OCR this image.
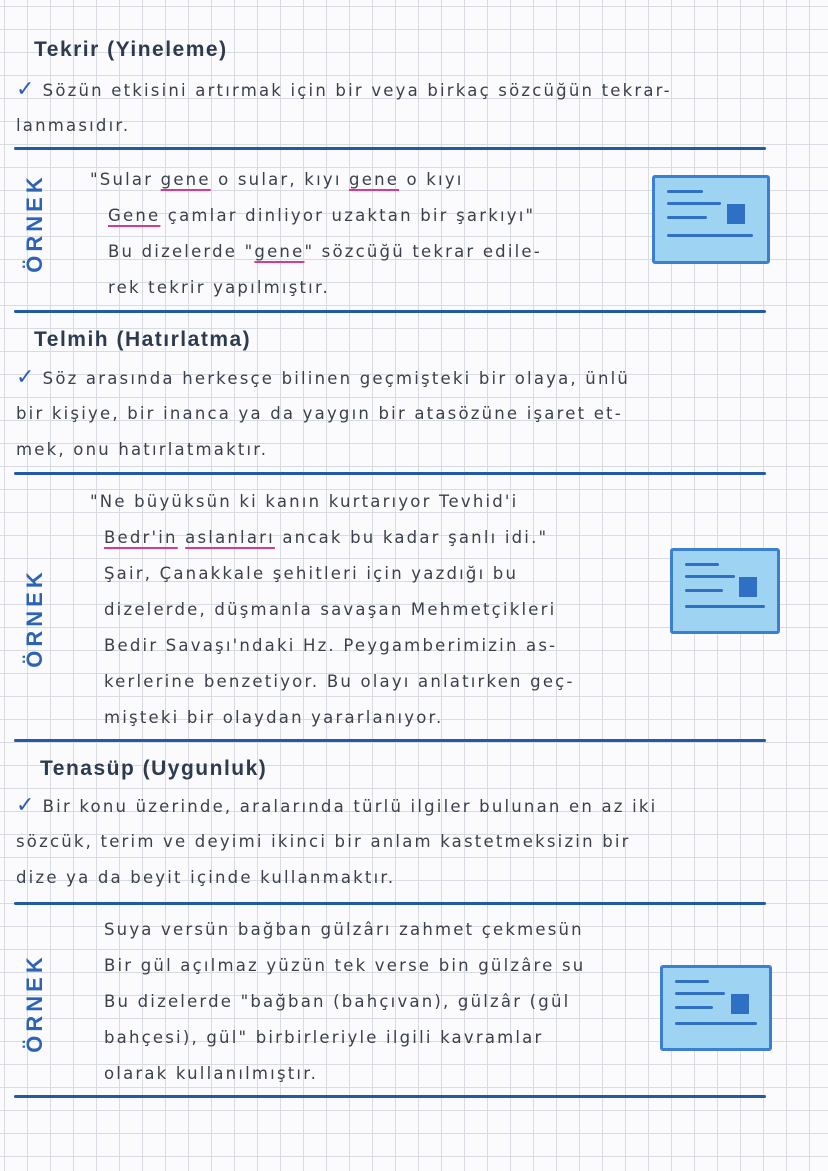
Tekrir (Yineleme)
✓ Sözün etkisini artırmak için bir veya birkaç sözcüğün tekrar-
lanmasıdır.
ÖRNEK	"Sular gene o sular, kıyı gene o kıyı
Gene çamlar dinliyor uzaktan bir şarkıyı"
Bu dizelerde "gene" sözcüğü tekrar edile-
rek tekrir yapılmıştır.
Telmih (Hatırlatma)
✓ Söz arasında herkesçe bilinen geçmişteki bir olaya, ünlü
bir kişiye, bir inanca ya da yaygın bir atasözüne işaret et-
mek, onu hatırlatmaktır.
ÖRNEK
"Ne büyüksün ki kanın kurtarıyor Tevhid'i
Bedr'in aslanları ancak bu kadar şanlı idi."
Şair, Çanakkale şehitleri için yazdığı bu
dizelerde, düşmanla savaşan Mehmetçikleri
Bedir Savaşı'ndaki Hz. Peygamberimizin as-
kerlerine benzetiyor. Bu olayı anlatırken geç-
mişteki bir olaydan yararlanıyor.
Tenasüp (Uygunluk)
✓ Bir konu üzerinde, aralarında türlü ilgiler bulunan en az iki
sözcük, terim ve deyimi ikinci bir anlam kastetmeksizin bir
dize ya da beyit içinde kullanmaktır.
ÖRNEK
Suya versün bağban gülzârı zahmet çekmesün
Bir gül açılmaz yüzün tek verse bin gülzâre su
Bu dizelerde "bağban (bahçıvan), gülzâr (gül
bahçesi), gül" birbirleriyle ilgili kavramlar
olarak kullanılmıştır.
